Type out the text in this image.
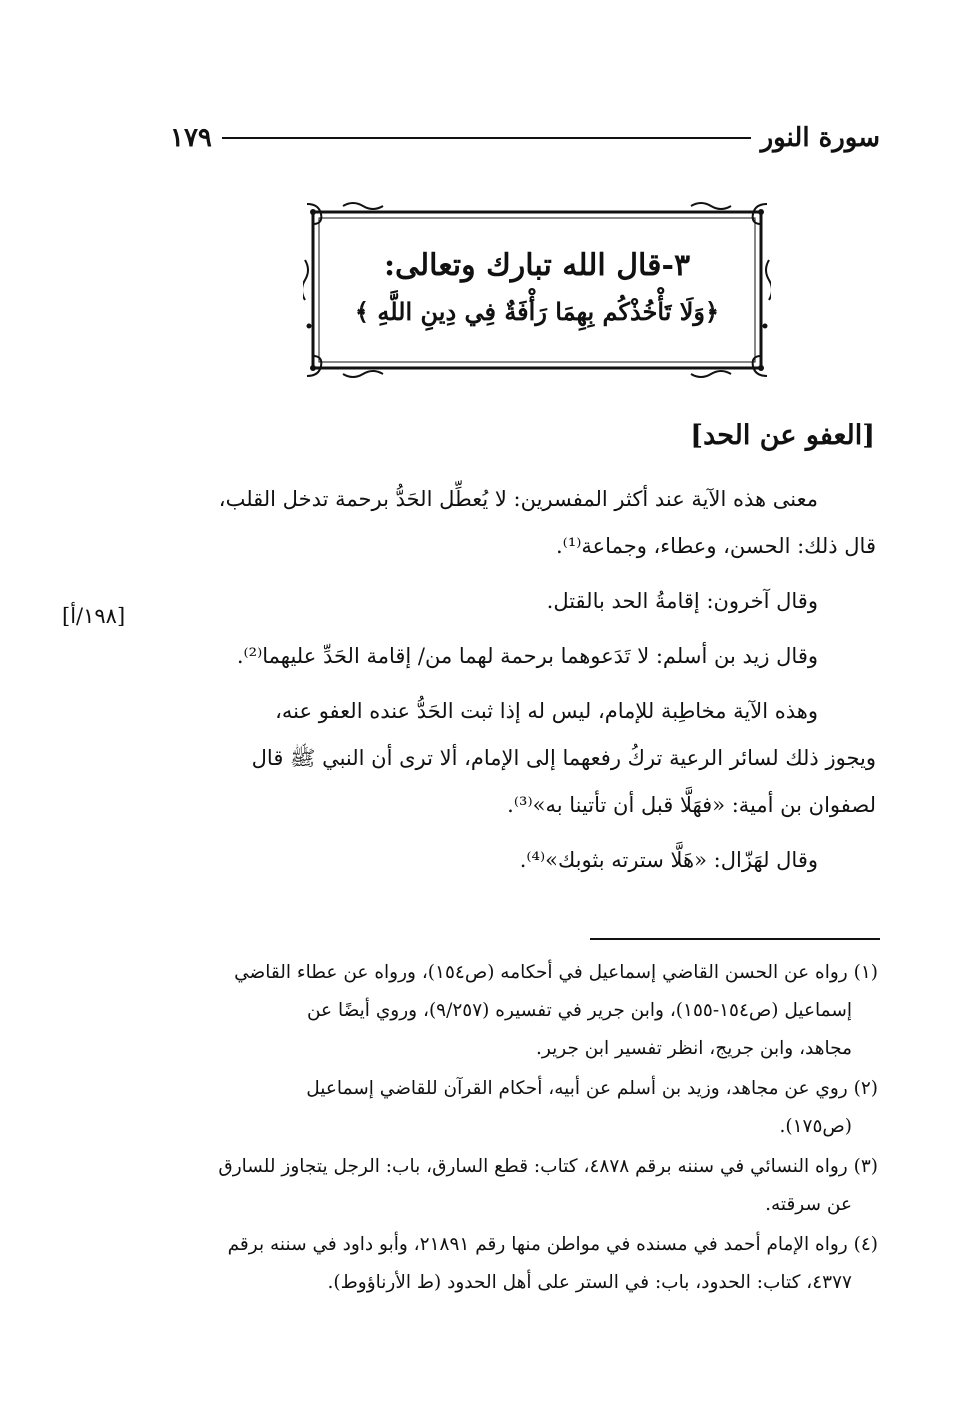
سورة النور
١٧٩
٣-قال الله تبارك وتعالى:
﴿وَلَا تَأْخُذْكُم بِهِمَا رَأْفَةٌ فِي دِينِ اللَّهِ ﴾
[العفو عن الحد]
[١٩٨/أ]

معنى هذه الآية عند أكثر المفسرين: لا يُعطِّل الحَدُّ برحمة تدخل القلب،
قال ذلك: الحسن، وعطاء، وجماعة⁽¹⁾.

وقال آخرون: إقامةُ الحد بالقتل.

وقال زيد بن أسلم: لا تَدَعوهما برحمة لهما من/ إقامة الحَدِّ عليهما⁽²⁾.

وهذه الآية مخاطِبة للإمام، ليس له إذا ثبت الحَدُّ عنده العفو عنه،
ويجوز ذلك لسائر الرعية تركُ رفعهما إلى الإمام، ألا ترى أن النبي ﷺ قال
لصفوان بن أمية: «فهَلَّا قبل أن تأتينا به»⁽³⁾.

وقال لهَزّال: «هَلَّا سترته بثوبك»⁽⁴⁾.

(١) رواه عن الحسن القاضي إسماعيل في أحكامه (ص١٥٤)، ورواه عن عطاء القاضي
إسماعيل (ص١٥٤-١٥٥)، وابن جرير في تفسيره (٩/٢٥٧)، وروي أيضًا عن
مجاهد، وابن جريج، انظر تفسير ابن جرير.
(٢) روي عن مجاهد، وزيد بن أسلم عن أبيه، أحكام القرآن للقاضي إسماعيل
(ص١٧٥).
(٣) رواه النسائي في سننه برقم ٤٨٧٨، كتاب: قطع السارق، باب: الرجل يتجاوز للسارق
عن سرقته.
(٤) رواه الإمام أحمد في مسنده في مواطن منها رقم ٢١٨٩١، وأبو داود في سننه برقم
٤٣٧٧، كتاب: الحدود، باب: في الستر على أهل الحدود (ط الأرناؤوط).
